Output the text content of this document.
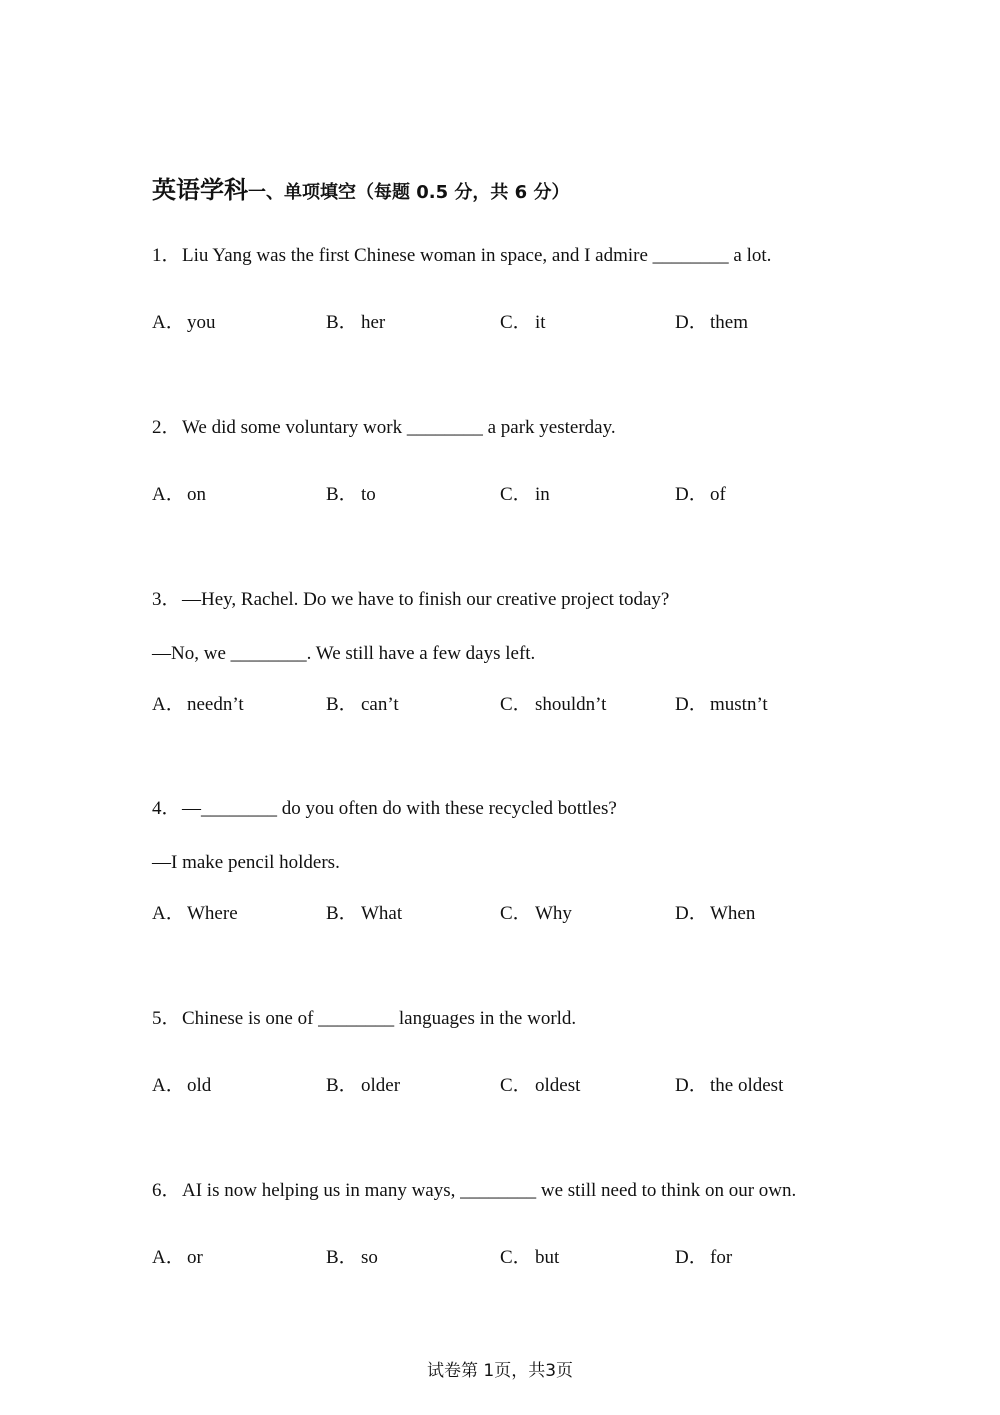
英语学科一、单项填空（每题 0.5 分，共 6 分）
1．Liu Yang was the first Chinese woman in space, and I admire ________ a lot.
A． you	B． her	C． it	D． them
2．We did some voluntary work ________ a park yesterday.
A． on	B． to	C． in	D． of
3．—Hey, Rachel. Do we have to finish our creative project today?
—No, we ________. We still have a few days left.
A． needn’t	B． can’t	C． shouldn’t	D． mustn’t
4．—________ do you often do with these recycled bottles?
—I make pencil holders.
A． Where	B． What	C． Why	D． When
5．Chinese is one of ________ languages in the world.
A． old	B． older	C． oldest	D． the oldest
6．AI is now helping us in many ways, ________ we still need to think on our own.
A． or	B． so	C． but	D． for
试卷第 1页，共3页
